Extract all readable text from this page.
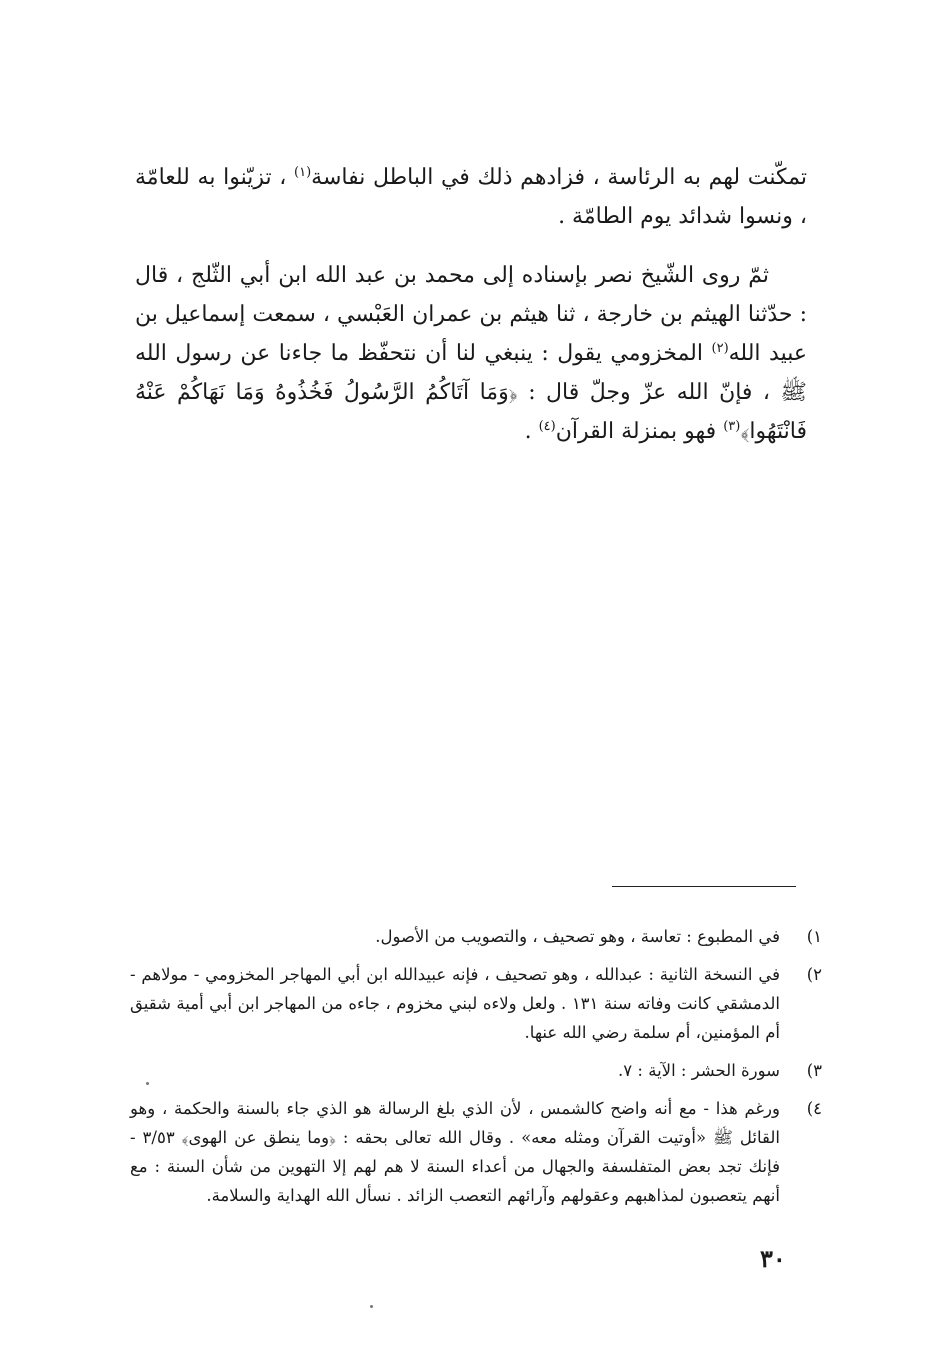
تمكّنت لهم به الرئاسة ، فزادهم ذلك في الباطل نفاسة$^{(١)}$ ، تزيّنوا به للعامّة ، ونسوا شدائد يوم الطامّة .

ثمّ روى الشّيخ نصر بإسناده إلى محمد بن عبد الله ابن أبي الثّلج ، قال : حدّثنا الهيثم بن خارجة ، ثنا هيثم بن عمران العَبْسي ، سمعت إسماعيل بن عبيد الله$^{(٢)}$ المخزومي يقول : ينبغي لنا أن نتحفّظ ما جاءنا عن رسول الله ﷺ ، فإنّ الله عزّ وجلّ قال : ﴿وَمَا آتَاكُمُ الرَّسُولُ فَخُذُوهُ وَمَا نَهَاكُمْ عَنْهُ فَانْتَهُوا﴾$^{(٣)}$ فهو بمنزلة القرآن$^{(٤)}$ .

١)
في المطبوع : تعاسة ، وهو تصحيف ، والتصويب من الأصول.
٢)
في النسخة الثانية : عبدالله ، وهو تصحيف ، فإنه عبيدالله ابن أبي المهاجر المخزومي - مولاهم - الدمشقي كانت وفاته سنة ١٣١ . ولعل ولاءه لبني مخزوم ، جاءه من المهاجر ابن أبي أمية شقيق أم المؤمنين، أم سلمة رضي الله عنها.
٣)
سورة الحشر : الآية : ٧.
٤)
ورغم هذا - مع أنه واضح كالشمس ، لأن الذي بلغ الرسالة هو الذي جاء بالسنة والحكمة ، وهو القائل ﷺ «أوتيت القرآن ومثله معه» . وقال الله تعالى بحقه : ﴿وما ينطق عن الهوى﴾ ٣/٥٣ - فإنك تجد بعض المتفلسفة والجهال من أعداء السنة لا هم لهم إلا التهوين من شأن السنة : مع أنهم يتعصبون لمذاهبهم وعقولهم وآرائهم التعصب الزائد . نسأل الله الهداية والسلامة.
٣٠
